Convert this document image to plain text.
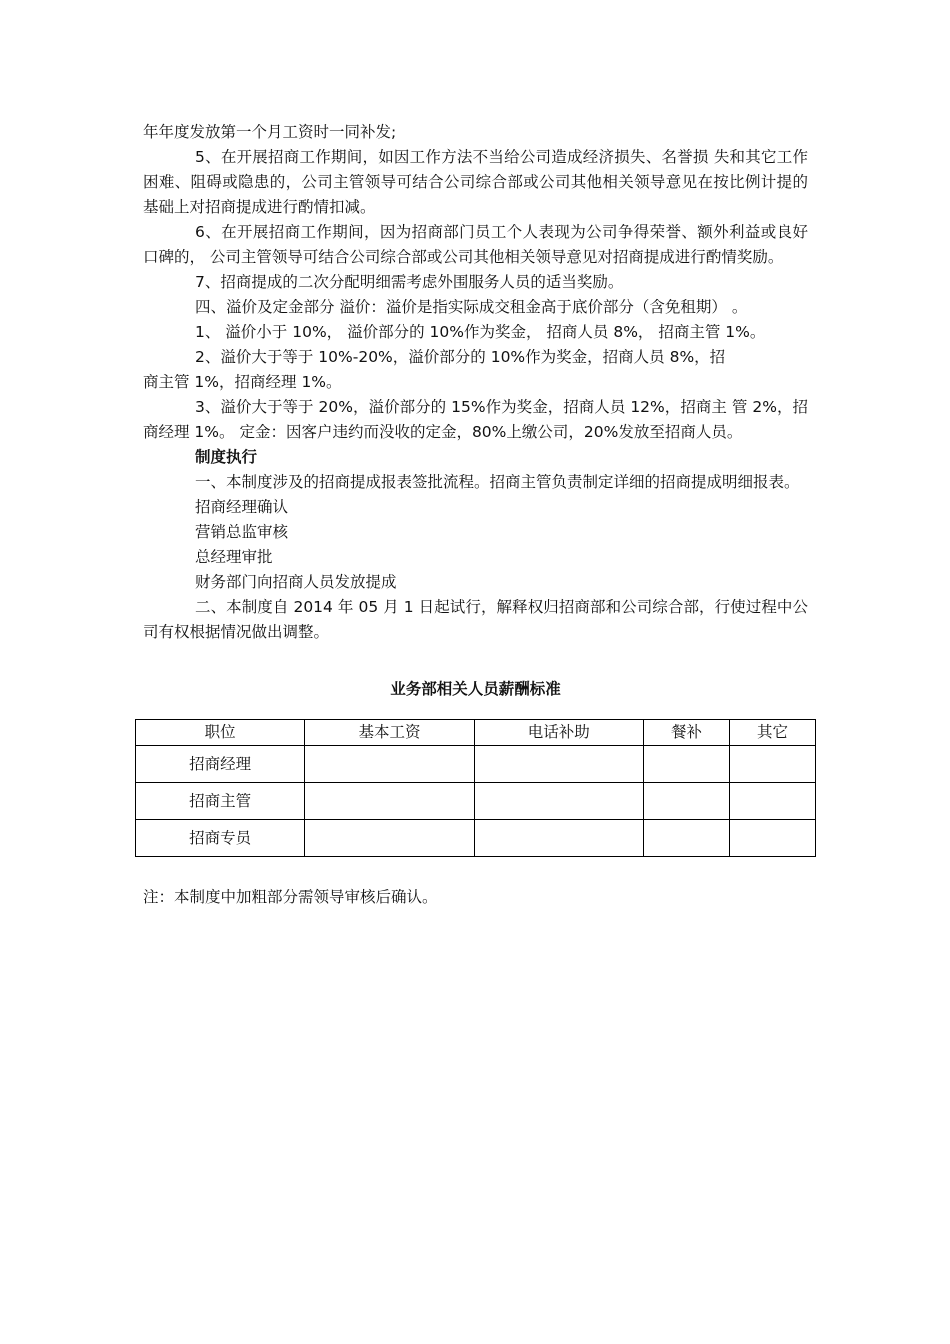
年年度发放第一个月工资时一同补发;
5、在开展招商工作期间，如因工作方法不当给公司造成经济损失、名誉损 失和其它工作困难、阻碍或隐患的，公司主管领导可结合公司综合部或公司其他相关领导意见在按比例计提的基础上对招商提成进行酌情扣减。
6、在开展招商工作期间，因为招商部门员工个人表现为公司争得荣誉、额外利益或良好口碑的， 公司主管领导可结合公司综合部或公司其他相关领导意见对招商提成进行酌情奖励。
7、招商提成的二次分配明细需考虑外围服务人员的适当奖励。
四、溢价及定金部分 溢价：溢价是指实际成交租金高于底价部分（含免租期） 。
1、 溢价小于 10%， 溢价部分的 10%作为奖金， 招商人员 8%， 招商主管 1%。
2、溢价大于等于 10%-20%，溢价部分的 10%作为奖金，招商人员 8%，招
商主管 1%，招商经理 1%。
3、溢价大于等于 20%，溢价部分的 15%作为奖金，招商人员 12%，招商主 管 2%，招商经理 1%。 定金：因客户违约而没收的定金，80%上缴公司，20%发放至招商人员。
制度执行
一、本制度涉及的招商提成报表签批流程。招商主管负责制定详细的招商提成明细报表。
招商经理确认
营销总监审核
总经理审批
财务部门向招商人员发放提成
二、本制度自 2014 年 05 月 1 日起试行，解释权归招商部和公司综合部，行使过程中公司有权根据情况做出调整。
业务部相关人员薪酬标准
职位	基本工资	电话补助	餐补	其它
招商经理				
招商主管				
招商专员				
注：本制度中加粗部分需领导审核后确认。
